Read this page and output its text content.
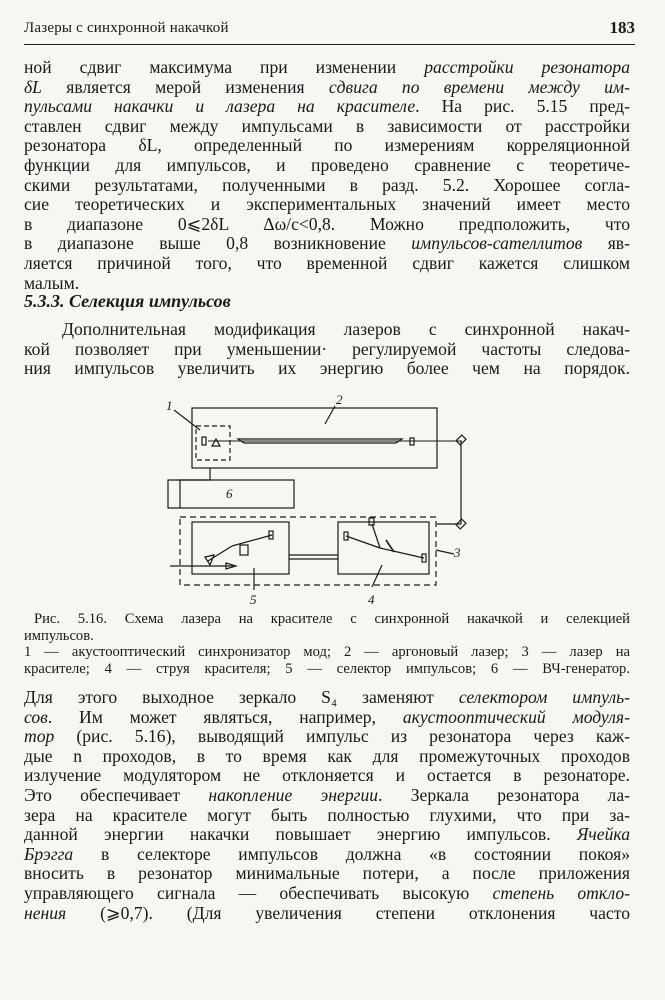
Лазеры с синхронной накачкой	183
ной сдвиг максимума при изменении расстройки резонатора
δL является мерой изменения сдвига по времени между им-
пульсами накачки и лазера на красителе. На рис. 5.15 пред-
ставлен сдвиг между импульсами в зависимости от расстройки
резонатора δL, определенный по измерениям корреляционной
функции для импульсов, и проведено сравнение с теоретиче-
скими результатами, полученными в разд. 5.2. Хорошее согла-
сие теоретических и экспериментальных значений имеет место
в диапазоне 0⩽2δL Δω/c<0,8. Можно предположить, что
в диапазоне выше 0,8 возникновение импульсов-сателлитов яв-
ляется причиной того, что временной сдвиг кажется слишком
малым.
5.3.3. Селекция импульсов
Дополнительная модификация лазеров с синхронной накач-
кой позволяет при уменьшении· регулируемой частоты следова-
ния импульсов увеличить их энергию более чем на порядок.
1	2
3
4
5
6
Рис. 5.16. Схема лазера на красителе с синхронной накачкой и селекцией
импульсов.
1 — акустооптический синхронизатор мод; 2 — аргоновый лазер; 3 — лазер на
красителе; 4 — струя красителя; 5 — селектор импульсов; 6 — ВЧ-генератор.
Для этого выходное зеркало S₄ заменяют селектором импуль-
сов. Им может являться, например, акустооптический модуля-
тор (рис. 5.16), выводящий импульс из резонатора через каж-
дые n проходов, в то время как для промежуточных проходов
излучение модулятором не отклоняется и остается в резонаторе.
Это обеспечивает накопление энергии. Зеркала резонатора ла-
зера на красителе могут быть полностью глухими, что при за-
данной энергии накачки повышает энергию импульсов. Ячейка
Брэгга в селекторе импульсов должна «в состоянии покоя»
вносить в резонатор минимальные потери, а после приложения
управляющего сигнала — обеспечивать высокую степень откло-
нения (⩾0,7). (Для увеличения степени отклонения часто
